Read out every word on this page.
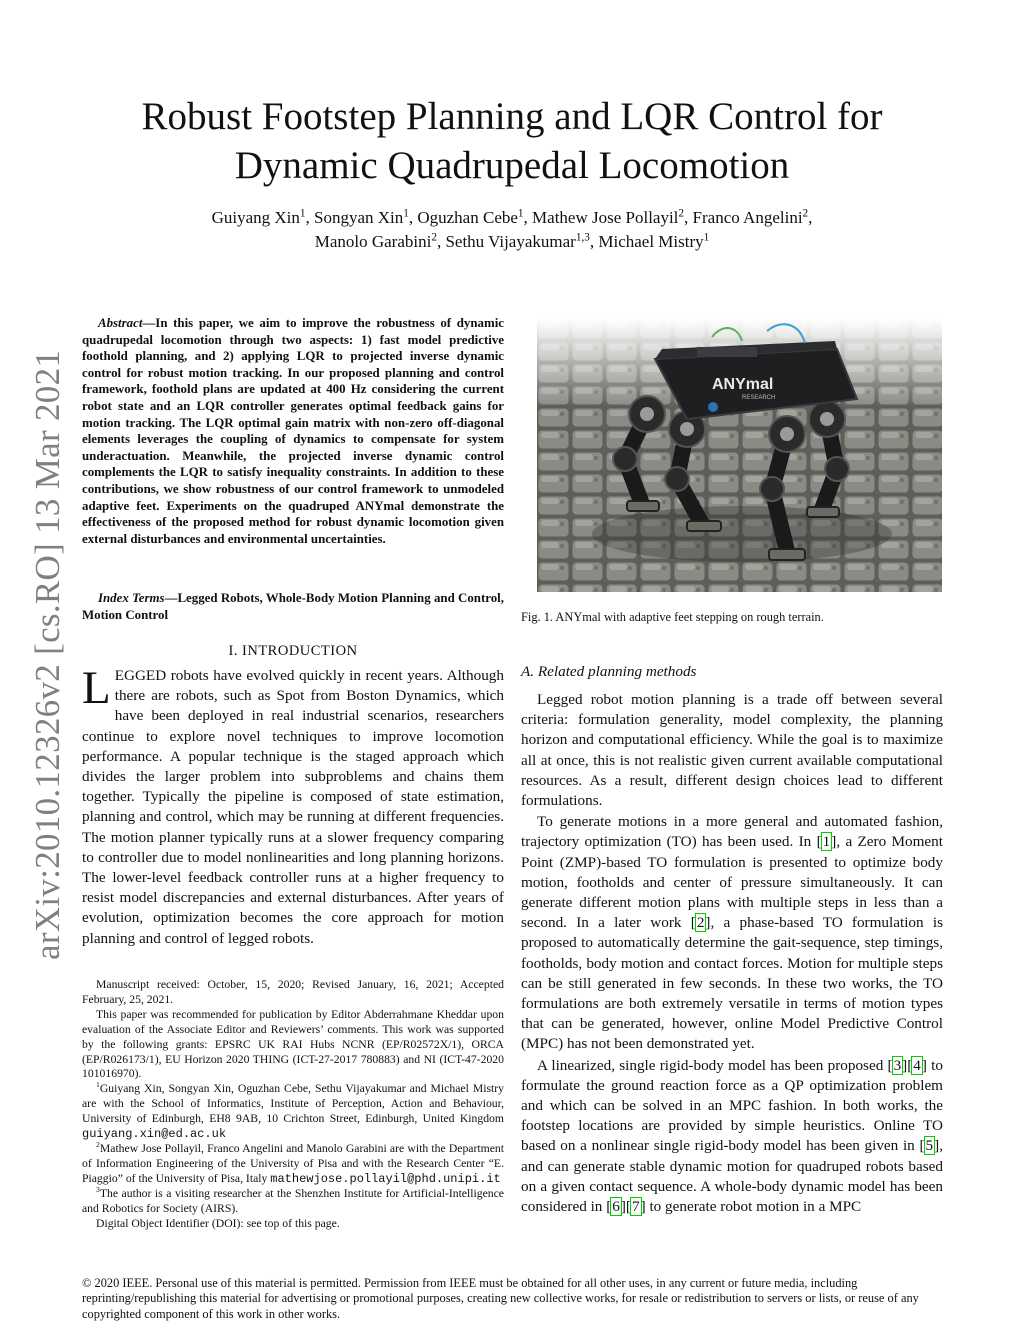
Robust Footstep Planning and LQR Control for
Dynamic Quadrupedal Locomotion
Guiyang Xin$^1$, Songyan Xin$^1$, Oguzhan Cebe$^1$, Mathew Jose Pollayil$^2$, Franco Angelini$^2$,
Manolo Garabini$^2$, Sethu Vijayakumar$^{1,3}$, Michael Mistry$^1$
arXiv:2010.12326v2 [cs.RO] 13 Mar 2021
Abstract—In this paper, we aim to improve the robustness of dynamic quadrupedal locomotion through two aspects: 1) fast model predictive foothold planning, and 2) applying LQR to projected inverse dynamic control for robust motion tracking. In our proposed planning and control framework, foothold plans are updated at 400 Hz considering the current robot state and an LQR controller generates optimal feedback gains for motion tracking. The LQR optimal gain matrix with non-zero off-diagonal elements leverages the coupling of dynamics to compensate for system underactuation. Meanwhile, the projected inverse dynamic control complements the LQR to satisfy inequality constraints. In addition to these contributions, we show robustness of our control framework to unmodeled adaptive feet. Experiments on the quadruped ANYmal demonstrate the effectiveness of the proposed method for robust dynamic locomotion given external disturbances and environmental uncertainties.
Index Terms—Legged Robots, Whole-Body Motion Planning and Control, Motion Control
I. INTRODUCTION
LEGGED robots have evolved quickly in recent years. Although there are robots, such as Spot from Boston Dynamics, which have been deployed in real industrial scenarios, researchers continue to explore novel techniques to improve locomotion performance. A popular technique is the staged approach which divides the larger problem into subproblems and chains them together. Typically the pipeline is composed of state estimation, planning and control, which may be running at different frequencies. The motion planner typically runs at a slower frequency comparing to controller due to model nonlinearities and long planning horizons. The lower-level feedback controller runs at a higher frequency to resist model discrepancies and external disturbances. After years of evolution, optimization becomes the core approach for motion planning and control of legged robots.

Manuscript received: October, 15, 2020; Revised January, 16, 2021; Accepted February, 25, 2021.

This paper was recommended for publication by Editor Abderrahmane Kheddar upon evaluation of the Associate Editor and Reviewers’ comments. This work was supported by the following grants: EPSRC UK RAI Hubs NCNR (EP/R02572X/1), ORCA (EP/R026173/1), EU Horizon 2020 THING (ICT-27-2017 780883) and NI (ICT-47-2020 101016970).

$^1$Guiyang Xin, Songyan Xin, Oguzhan Cebe, Sethu Vijayakumar and Michael Mistry are with the School of Informatics, Institute of Perception, Action and Behaviour, University of Edinburgh, EH8 9AB, 10 Crichton Street, Edinburgh, United Kingdom guiyang.xin@ed.ac.uk

$^2$Mathew Jose Pollayil, Franco Angelini and Manolo Garabini are with the Department of Information Engineering of the University of Pisa and with the Research Center “E. Piaggio” of the University of Pisa, Italy mathewjose.pollayil@phd.unipi.it

$^3$The author is a visiting researcher at the Shenzhen Institute for Artificial-Intelligence and Robotics for Society (AIRS).

Digital Object Identifier (DOI): see top of this page.

ANYmal
RESEARCH
Fig. 1. ANYmal with adaptive feet stepping on rough terrain.
A. Related planning methods

Legged robot motion planning is a trade off between several criteria: formulation generality, model complexity, the planning horizon and computational efficiency. While the goal is to maximize all at once, this is not realistic given current available computational resources. As a result, different design choices lead to different formulations.

To generate motions in a more general and automated fashion, trajectory optimization (TO) has been used. In [1], a Zero Moment Point (ZMP)-based TO formulation is presented to optimize body motion, footholds and center of pressure simultaneously. It can generate different motion plans with multiple steps in less than a second. In a later work [2], a phase-based TO formulation is proposed to automatically determine the gait-sequence, step timings, footholds, body motion and contact forces. Motion for multiple steps can be still generated in few seconds. In these two works, the TO formulations are both extremely versatile in terms of motion types that can be generated, however, online Model Predictive Control (MPC) has not been demonstrated yet.

A linearized, single rigid-body model has been proposed [3][4] to formulate the ground reaction force as a QP optimization problem and which can be solved in an MPC fashion. In both works, the footstep locations are provided by simple heuristics. Online TO based on a nonlinear single rigid-body model has been given in [5], and can generate stable dynamic motion for quadruped robots based on a given contact sequence. A whole-body dynamic model has been considered in [6][7] to generate robot motion in a MPC

© 2020 IEEE. Personal use of this material is permitted. Permission from IEEE must be obtained for all other uses, in any current or future media, including reprinting/republishing this material for advertising or promotional purposes, creating new collective works, for resale or redistribution to servers or lists, or reuse of any copyrighted component of this work in other works.
